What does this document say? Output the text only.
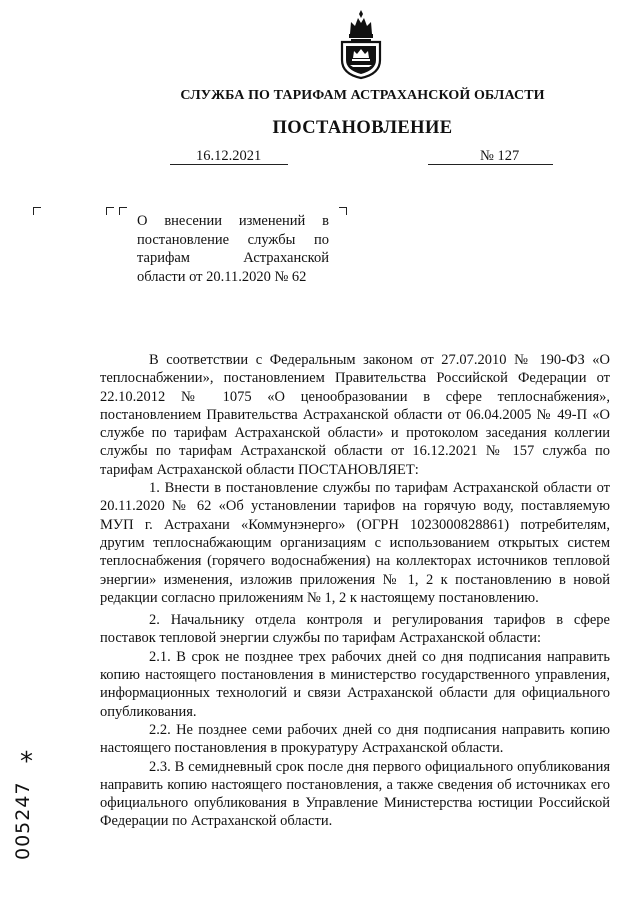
СЛУЖБА ПО ТАРИФАМ АСТРАХАНСКОЙ ОБЛАСТИ
ПОСТАНОВЛЕНИЕ
16.12.2021	№ 127
О внесении изменений в
постановление службы по
тарифам Астраханской
области от 20.11.2020 № 62

В соответствии с Федеральным законом от 27.07.2010 № 190-ФЗ «О теплоснабжении», постановлением Правительства Российской Федерации от 22.10.2012 № 1075 «О ценообразовании в сфере теплоснабжения», постановлением Правительства Астраханской области от 06.04.2005 № 49-П «О службе по тарифам Астраханской области» и протоколом заседания коллегии службы по тарифам Астраханской области от 16.12.2021 № 157 служба по тарифам Астраханской области ПОСТАНОВЛЯЕТ:

1. Внести в постановление службы по тарифам Астраханской области от 20.11.2020 № 62 «Об установлении тарифов на горячую воду, поставляемую МУП г. Астрахани «Коммунэнерго» (ОГРН 1023000828861) потребителям, другим теплоснабжающим организациям с использованием открытых систем теплоснабжения (горячего водоснабжения) на коллекторах источников тепловой энергии» изменения, изложив приложения № 1, 2 к постановлению в новой редакции согласно приложениям № 1, 2 к настоящему постановлению.

2. Начальнику отдела контроля и регулирования тарифов в сфере поставок тепловой энергии службы по тарифам Астраханской области:

2.1. В срок не позднее трех рабочих дней со дня подписания направить копию настоящего постановления в министерство государственного управления, информационных технологий и связи Астраханской области для официального опубликования.

2.2. Не позднее семи рабочих дней со дня подписания направить копию настоящего постановления в прокуратуру Астраханской области.

2.3. В семидневный срок после дня первого официального опубликования направить копию настоящего постановления, а также сведения об источниках его официального опубликования в Управление Министерства юстиции Российской Федерации по Астраханской области.

*
005247
